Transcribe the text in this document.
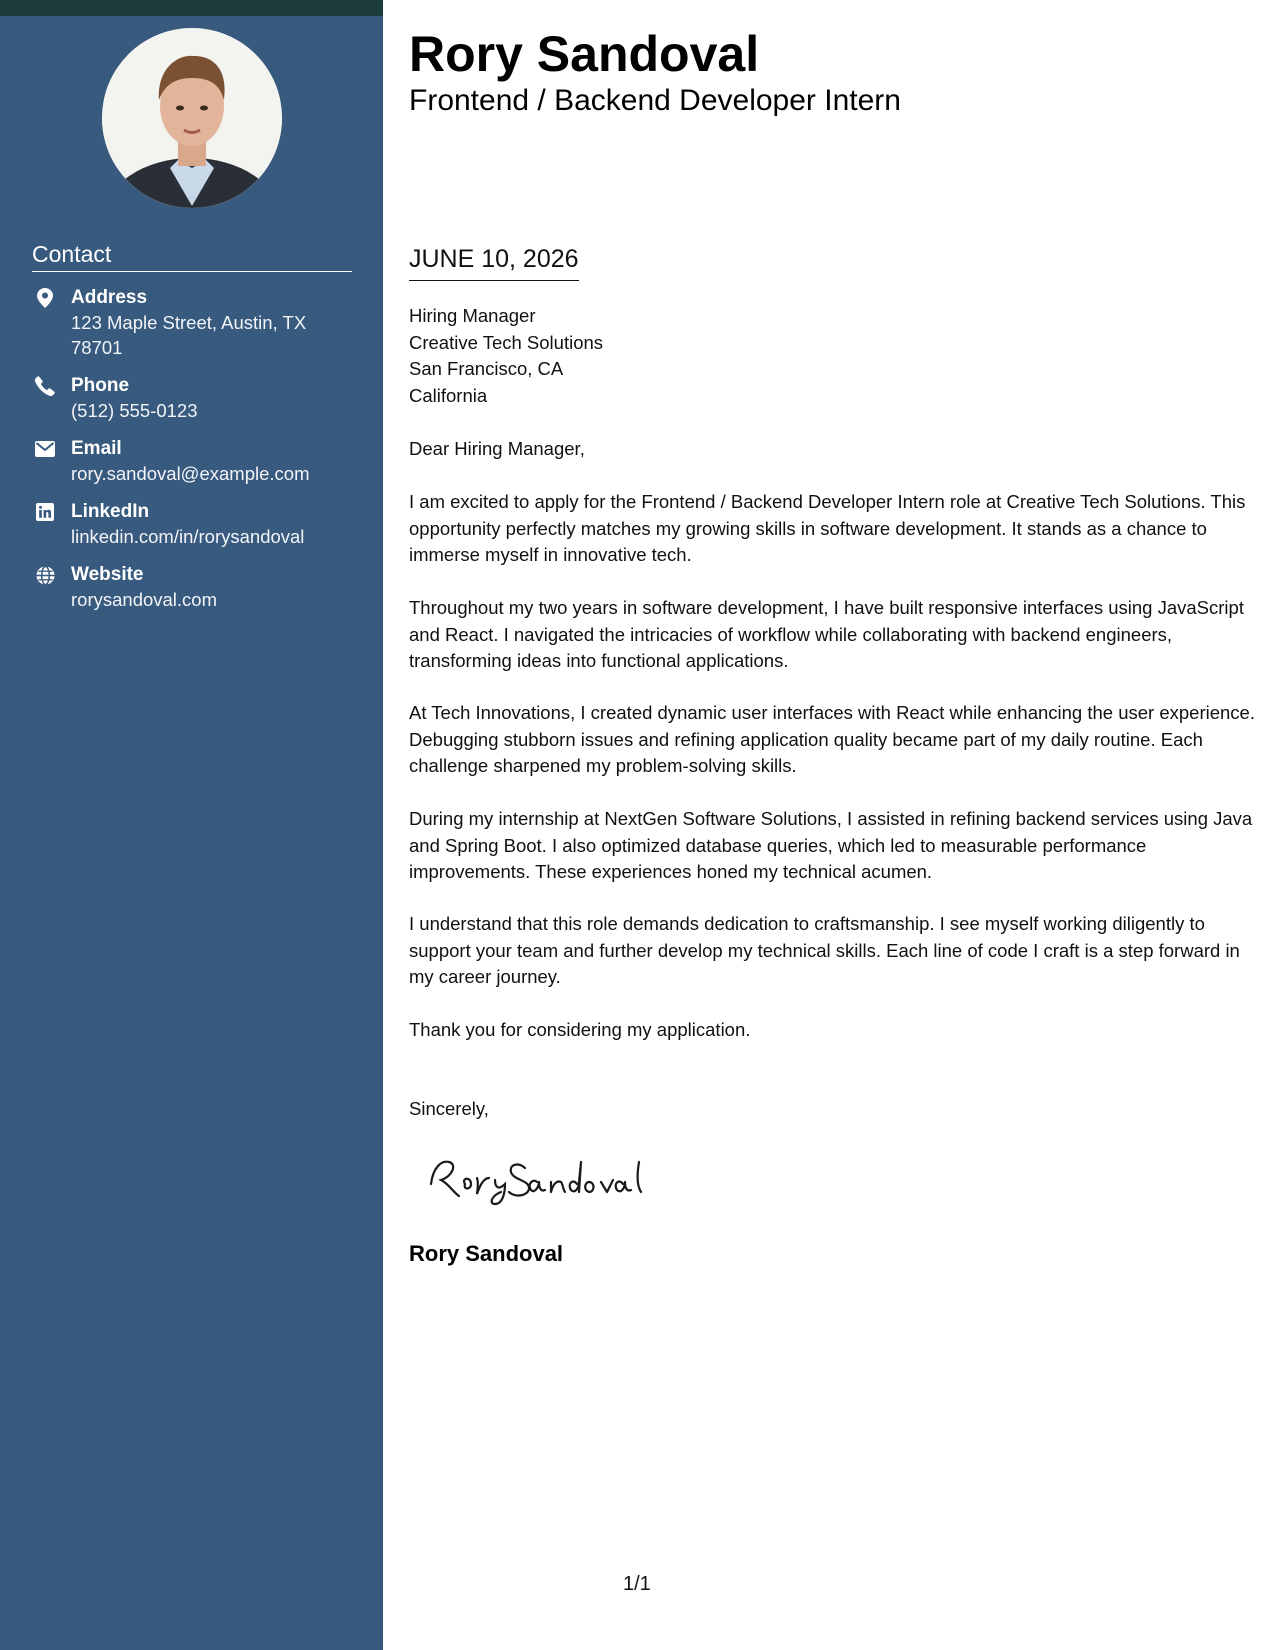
Contact
Address
123 Maple Street, Austin, TX
78701
Phone
(512) 555-0123
Email
rory.sandoval@example.com
LinkedIn
linkedin.com/in/rorysandoval
Website
rorysandoval.com
Rory Sandoval
Frontend / Backend Developer Intern
JUNE 10, 2026
Hiring Manager
Creative Tech Solutions
San Francisco, CA
California

Dear Hiring Manager,

I am excited to apply for the Frontend / Backend Developer Intern role at Creative Tech Solutions. This opportunity perfectly matches my growing skills in software development. It stands as a chance to immerse myself in innovative tech.

Throughout my two years in software development, I have built responsive interfaces using JavaScript and React. I navigated the intricacies of workflow while collaborating with backend engineers, transforming ideas into functional applications.

At Tech Innovations, I created dynamic user interfaces with React while enhancing the user experience. Debugging stubborn issues and refining application quality became part of my daily routine. Each challenge sharpened my problem-solving skills.

During my internship at NextGen Software Solutions, I assisted in refining backend services using Java and Spring Boot. I also optimized database queries, which led to measurable performance improvements. These experiences honed my technical acumen.

I understand that this role demands dedication to craftsmanship. I see myself working diligently to support your team and further develop my technical skills. Each line of code I craft is a step forward in my career journey.

Thank you for considering my application.

Sincerely,

Rory Sandoval
1/1
